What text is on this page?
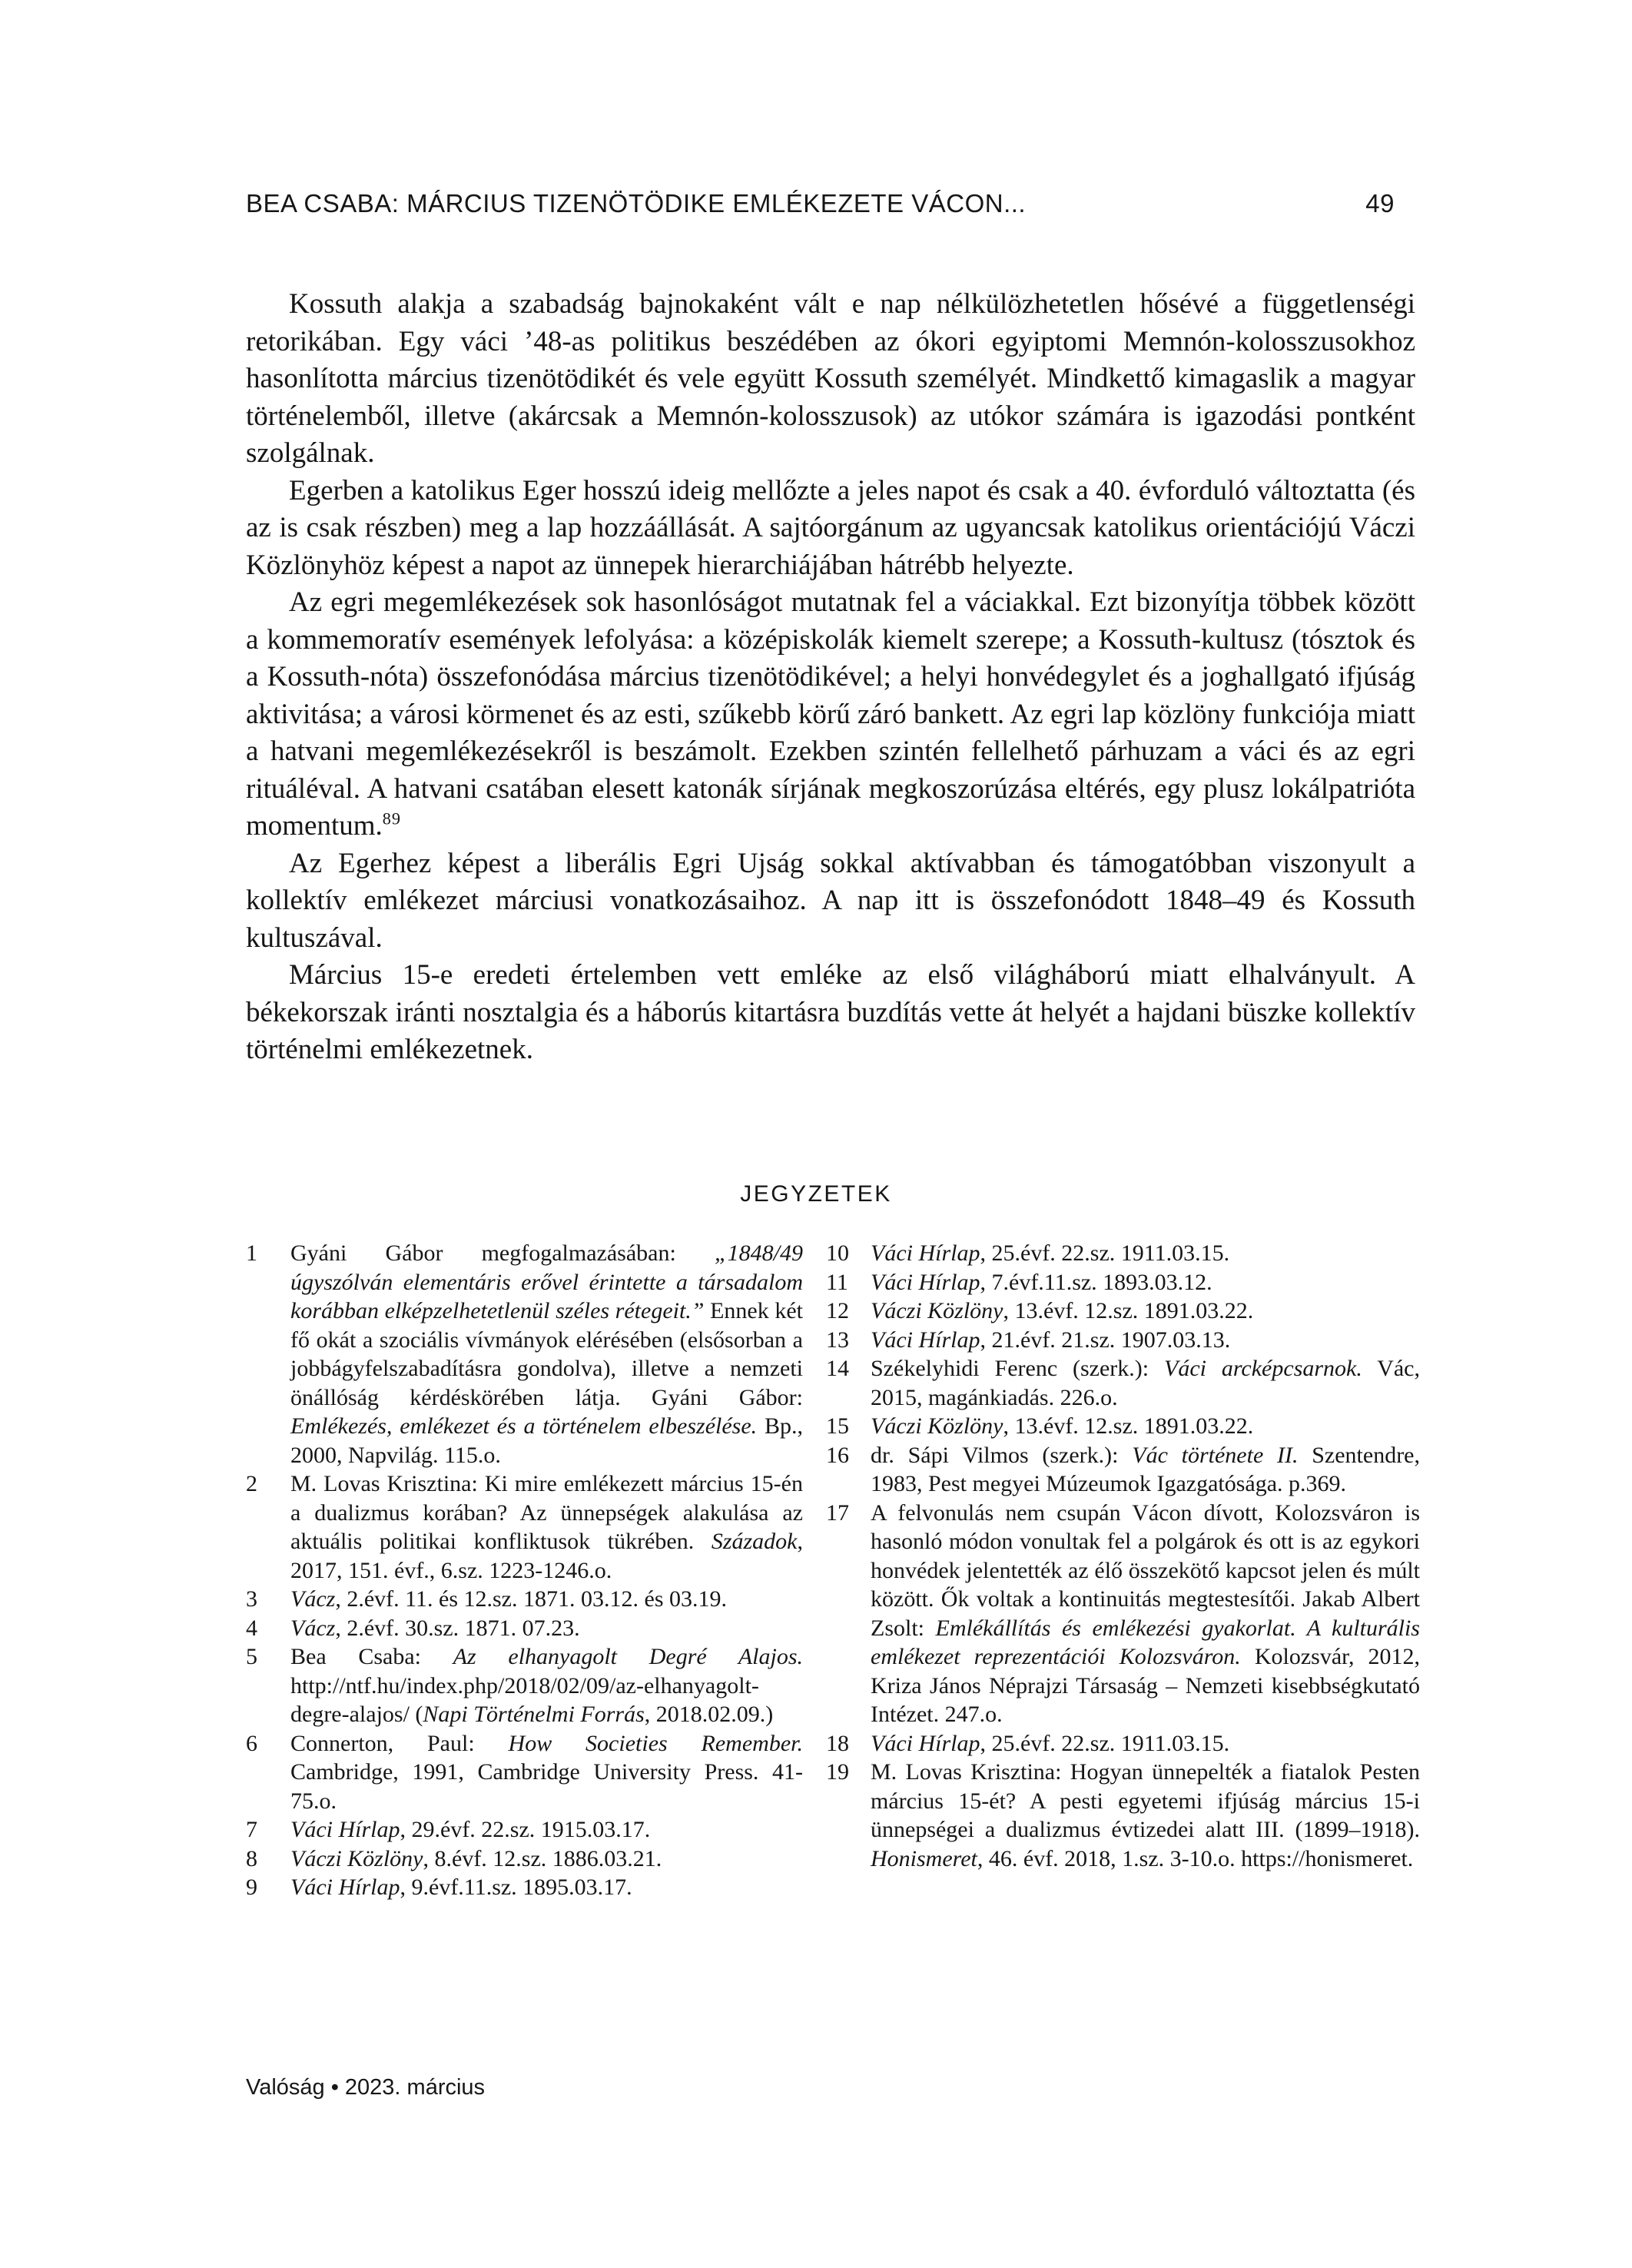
BEA CSABA: MÁRCIUS TIZENÖTÖDIKE EMLÉKEZETE VÁCON...	49

Kossuth alakja a szabadság bajnokaként vált e nap nélkülözhetetlen hősévé a függetlenségi retorikában. Egy váci ’48-as politikus beszédében az ókori egyiptomi Memnón-kolosszusokhoz hasonlította március tizenötödikét és vele együtt Kossuth személyét. Mindkettő kimagaslik a magyar történelemből, illetve (akárcsak a Memnón-kolosszusok) az utókor számára is igazodási pontként szolgálnak.

Egerben a katolikus Eger hosszú ideig mellőzte a jeles napot és csak a 40. évforduló változtatta (és az is csak részben) meg a lap hozzáállását. A sajtóorgánum az ugyancsak katolikus orientációjú Váczi Közlönyhöz képest a napot az ünnepek hierarchiájában hátrébb helyezte.

Az egri megemlékezések sok hasonlóságot mutatnak fel a váciakkal. Ezt bizonyítja többek között a kommemoratív események lefolyása: a középiskolák kiemelt szerepe; a Kossuth-kultusz (tósztok és a Kossuth-nóta) összefonódása március tizenötödikével; a helyi honvédegylet és a joghallgató ifjúság aktivitása; a városi körmenet és az esti, szűkebb körű záró bankett. Az egri lap közlöny funkciója miatt a hatvani megemlékezésekről is beszámolt. Ezekben szintén fellelhető párhuzam a váci és az egri rituáléval. A hatvani csatában elesett katonák sírjának megkoszorúzása eltérés, egy plusz lokálpatrióta momentum.$^{89}$

Az Egerhez képest a liberális Egri Ujság sokkal aktívabban és támogatóbban viszonyult a kollektív emlékezet márciusi vonatkozásaihoz. A nap itt is összefonódott 1848–49 és Kossuth kultuszával.

Március 15-e eredeti értelemben vett emléke az első világháború miatt elhalványult. A békekorszak iránti nosztalgia és a háborús kitartásra buzdítás vette át helyét a hajdani büszke kollektív történelmi emlékezetnek.

JEGYZETEK
1 Gyáni Gábor megfogalmazásában: „1848/49 úgyszólván elementáris erővel érintette a társadalom korábban elképzelhetetlenül széles rétegeit.” Ennek két fő okát a szociális vívmányok elérésében (elsősorban a jobbágyfelszabadításra gondolva), illetve a nemzeti önállóság kérdéskörében látja. Gyáni Gábor: Emlékezés, emlékezet és a történelem elbeszélése. Bp., 2000, Napvilág. 115.o.
2 M. Lovas Krisztina: Ki mire emlékezett március 15-én a dualizmus korában? Az ünnepségek alakulása az aktuális politikai konfliktusok tükrében. Századok, 2017, 151. évf., 6.sz. 1223-1246.o.
3 Vácz, 2.évf. 11. és 12.sz. 1871. 03.12. és 03.19.
4 Vácz, 2.évf. 30.sz. 1871. 07.23.
5 Bea Csaba: Az elhanyagolt Degré Alajos. http://ntf.hu/index.php/2018/02/09/az-elhanyagolt-degre-alajos/ (Napi Történelmi Forrás, 2018.02.09.)
6 Connerton, Paul: How Societies Remember. Cambridge, 1991, Cambridge University Press. 41-75.o.
7 Váci Hírlap, 29.évf. 22.sz. 1915.03.17.
8 Váczi Közlöny, 8.évf. 12.sz. 1886.03.21.
9 Váci Hírlap, 9.évf.11.sz. 1895.03.17.
10 Váci Hírlap, 25.évf. 22.sz. 1911.03.15.
11 Váci Hírlap, 7.évf.11.sz. 1893.03.12.
12 Váczi Közlöny, 13.évf. 12.sz. 1891.03.22.
13 Váci Hírlap, 21.évf. 21.sz. 1907.03.13.
14 Székelyhidi Ferenc (szerk.): Váci arcképcsarnok. Vác, 2015, magánkiadás. 226.o.
15 Váczi Közlöny, 13.évf. 12.sz. 1891.03.22.
16 dr. Sápi Vilmos (szerk.): Vác története II. Szentendre, 1983, Pest megyei Múzeumok Igazgatósága. p.369.
17 A felvonulás nem csupán Vácon dívott, Kolozsváron is hasonló módon vonultak fel a polgárok és ott is az egykori honvédek jelentették az élő összekötő kapcsot jelen és múlt között. Ők voltak a kontinuitás megtestesítői. Jakab Albert Zsolt: Emlékállítás és emlékezési gyakorlat. A kulturális emlékezet reprezentációi Kolozsváron. Kolozsvár, 2012, Kriza János Néprajzi Társaság – Nemzeti kisebbségkutató Intézet. 247.o.
18 Váci Hírlap, 25.évf. 22.sz. 1911.03.15.
19 M. Lovas Krisztina: Hogyan ünnepelték a fiatalok Pesten március 15-ét? A pesti egyetemi ifjúság március 15-i ünnepségei a dualizmus évtizedei alatt III. (1899–1918). Honismeret, 46. évf. 2018, 1.sz. 3-10.o. https://honismeret.
Valóság • 2023. március
